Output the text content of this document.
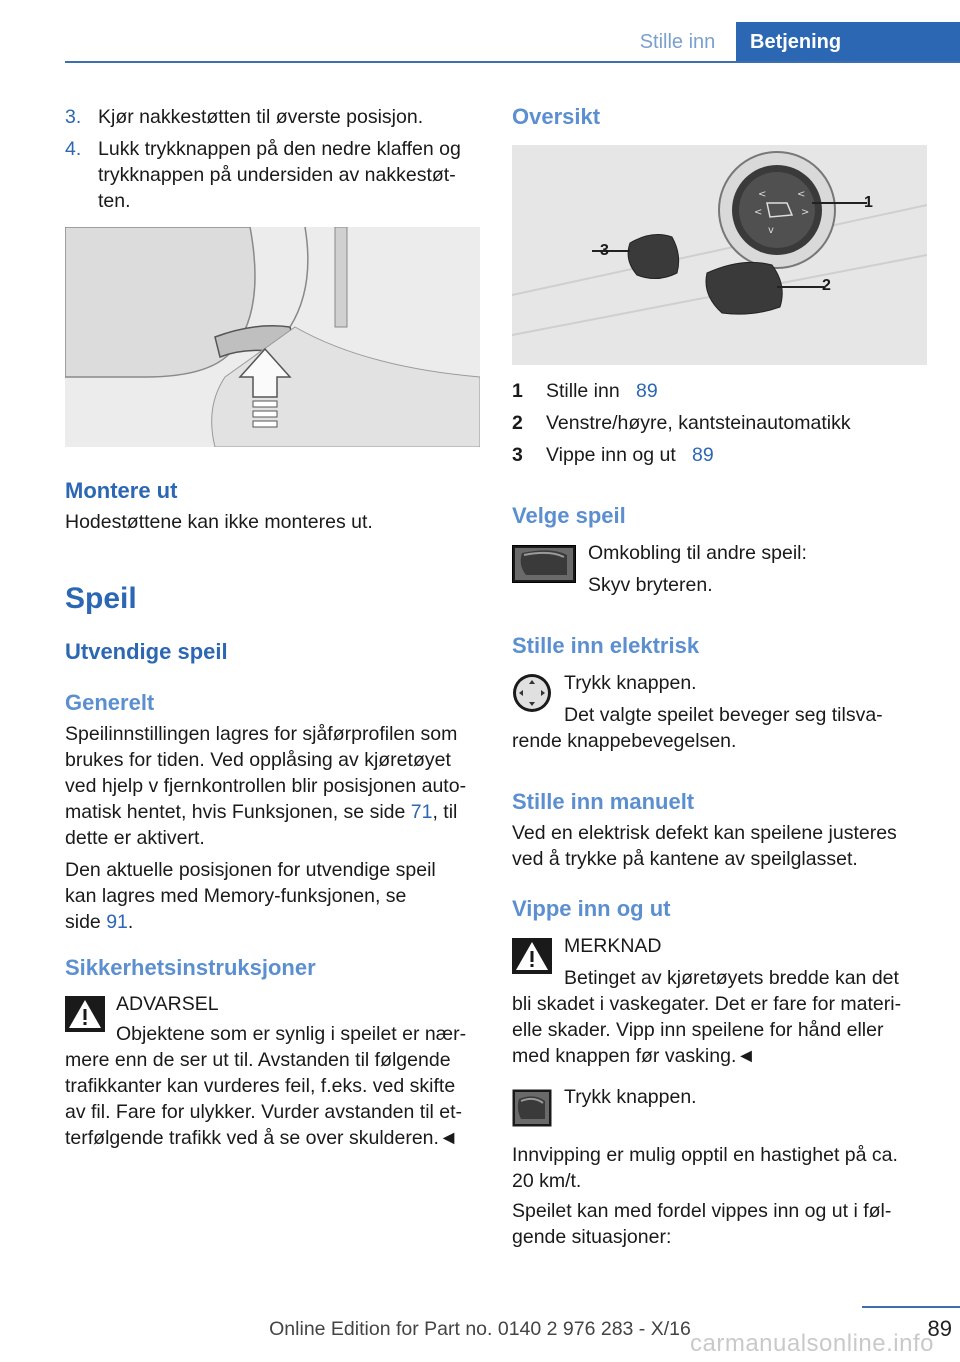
Stille inn	Betjening
3. Kjør nakkestøtten til øverste posisjon.
4. Lukk trykknappen på den nedre klaffen og
trykknappen på undersiden av nakkestøt-
ten.
Montere ut
Hodestøttene kan ikke monteres ut.
Speil
Utvendige speil
Generelt
Speilinnstillingen lagres for sjåførprofilen som
brukes for tiden. Ved opplåsing av kjøretøyet
ved hjelp v fjernkontrollen blir posisjonen auto-
matisk hentet, hvis Funksjonen, se side 71, til
dette er aktivert.
Den aktuelle posisjonen for utvendige speil
kan lagres med Memory-funksjonen, se
side 91.
Sikkerhetsinstruksjoner
ADVARSEL
Objektene som er synlig i speilet er nær-
mere enn de ser ut til. Avstanden til følgende
trafikkanter kan vurderes feil, f.eks. ved skifte
av fil. Fare for ulykker. Vurder avstanden til et-
terfølgende trafikk ved å se over skulderen.◄
Oversikt
<	<
<	>
v
1
2
3
1 Stille inn 89
2 Venstre/høyre, kantsteinautomatikk
3 Vippe inn og ut 89
Velge speil
Omkobling til andre speil:
Skyv bryteren.
Stille inn elektrisk
Trykk knappen.
Det valgte speilet beveger seg tilsva-
rende knappebevegelsen.
Stille inn manuelt
Ved en elektrisk defekt kan speilene justeres
ved å trykke på kantene av speilglasset.
Vippe inn og ut
MERKNAD
Betinget av kjøretøyets bredde kan det
bli skadet i vaskegater. Det er fare for materi-
elle skader. Vipp inn speilene for hånd eller
med knappen før vasking.◄
Trykk knappen.
Innvipping er mulig opptil en hastighet på ca.
20 km/t.
Speilet kan med fordel vippes inn og ut i føl-
gende situasjoner:
89
Online Edition for Part no. 0140 2 976 283 - X/16
carmanualsonline.info
